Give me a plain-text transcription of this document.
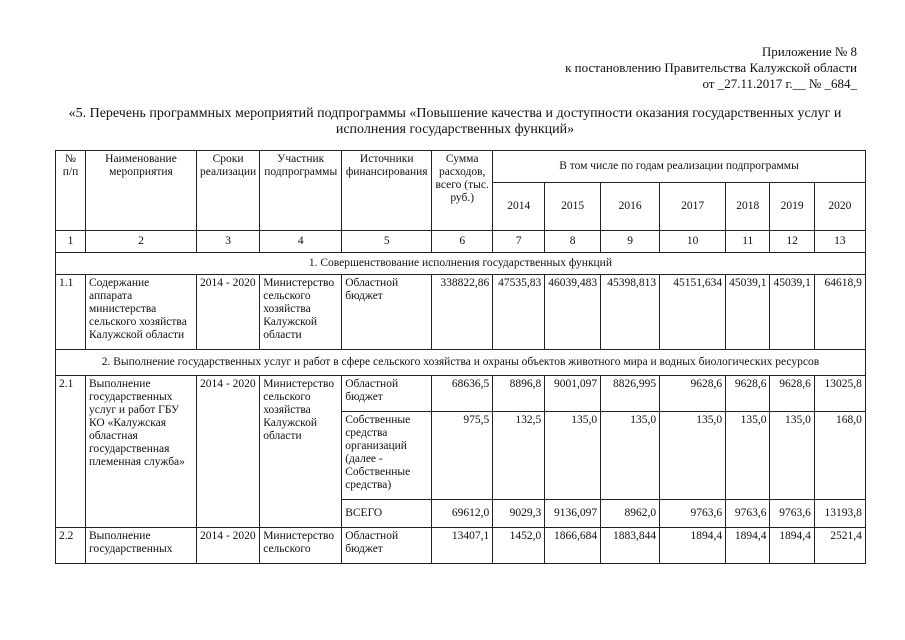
Приложение № 8
к постановлению Правительства Калужской области
от _27.11.2017 г.__ № _684_
«5. Перечень программных мероприятий подпрограммы «Повышение качества и доступности оказания государственных услуг и исполнения государственных функций»
№ п/п	Наименование мероприятия	Сроки реализации	Участник подпрограммы	Источники финансирования	Сумма расходов, всего (тыс. руб.)	В том числе по годам реализации подпрограммы						
						2014	2015	2016	2017	2018	2019	2020
1	2	3	4	5	6	7	8	9	10	11	12	13
1. Совершенствование исполнения государственных функций												
1.1	Содержание аппарата министерства сельского хозяйства Калужской области	2014 - 2020	Министерство сельского хозяйства Калужской области	Областной бюджет	338822,86	47535,83	46039,483	45398,813	45151,634	45039,1	45039,1	64618,9
2. Выполнение государственных услуг и работ в сфере сельского хозяйства и охраны объектов животного мира и водных биологических ресурсов												
2.1	Выполнение государственных услуг и работ ГБУ КО «Калужская областная государственная племенная служба»	2014 - 2020	Министерство сельского хозяйства Калужской области	Областной бюджет	68636,5	8896,8	9001,097	8826,995	9628,6	9628,6	9628,6	13025,8
				Собственные средства организаций (далее - Собственные средства)	975,5	132,5	135,0	135,0	135,0	135,0	135,0	168,0
				ВСЕГО	69612,0	9029,3	9136,097	8962,0	9763,6	9763,6	9763,6	13193,8
2.2	Выполнение государственных	2014 - 2020	Министерство сельского	Областной бюджет	13407,1	1452,0	1866,684	1883,844	1894,4	1894,4	1894,4	2521,4
